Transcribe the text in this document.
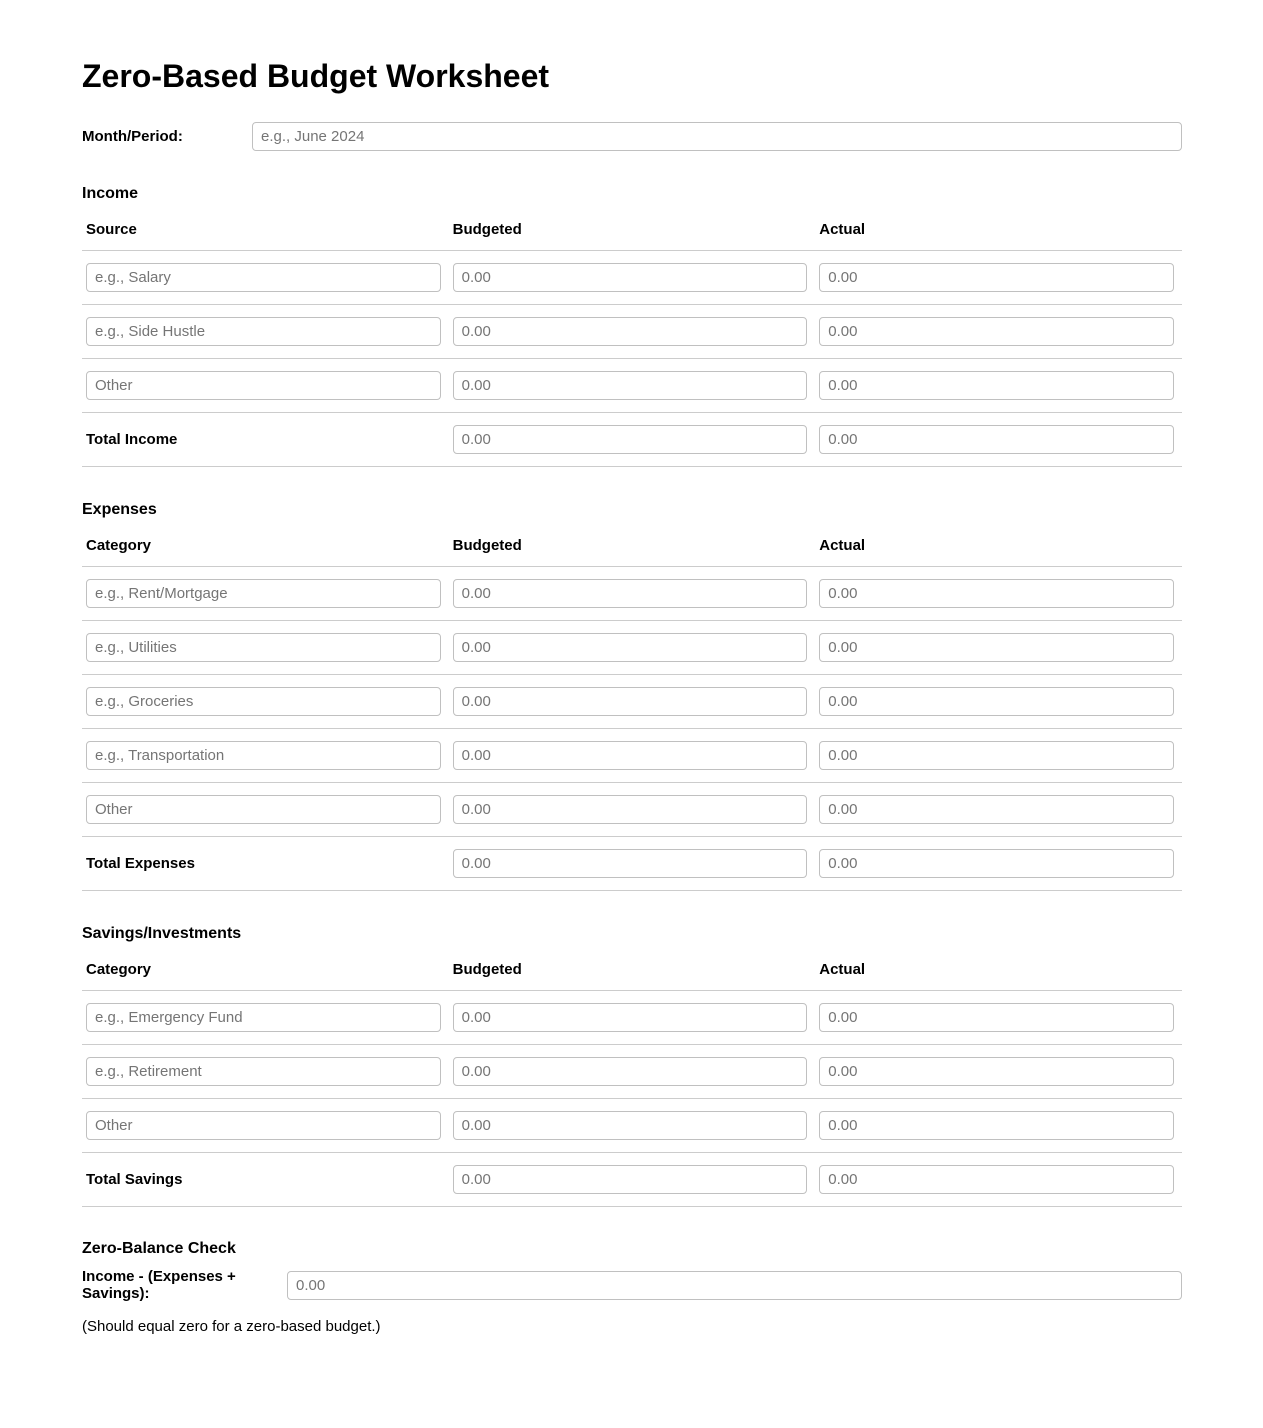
Zero-Based Budget Worksheet
Month/Period:
e.g., June 2024
Income
Source	Budgeted	Actual
e.g., Salary	0.00	0.00
e.g., Side Hustle	0.00	0.00
Other	0.00	0.00
Total Income	0.00	0.00
Expenses
Category	Budgeted	Actual
e.g., Rent/Mortgage	0.00	0.00
e.g., Utilities	0.00	0.00
e.g., Groceries	0.00	0.00
e.g., Transportation	0.00	0.00
Other	0.00	0.00
Total Expenses	0.00	0.00
Savings/Investments
Category	Budgeted	Actual
e.g., Emergency Fund	0.00	0.00
e.g., Retirement	0.00	0.00
Other	0.00	0.00
Total Savings	0.00	0.00
Zero-Balance Check
Income - (Expenses + Savings):
0.00
(Should equal zero for a zero-based budget.)
